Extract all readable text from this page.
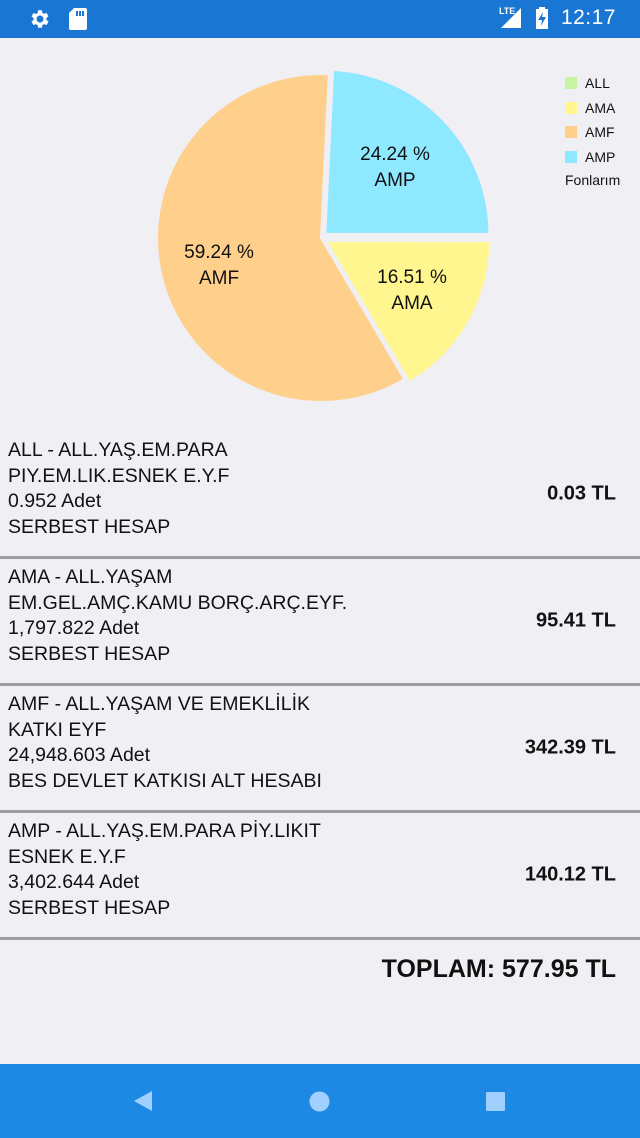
LTE 12:17
16.51 %
AMA
59.24 %
AMF
24.24 %
AMP
ALL
AMA
AMF
AMP
Fonlarım
ALL - ALL.YAŞ.EM.PARA
PIY.EM.LIK.ESNEK E.Y.F
0.952 Adet
SERBEST HESAP
0.03 TL
AMA - ALL.YAŞAM
EM.GEL.AMÇ.KAMU BORÇ.ARÇ.EYF.
1,797.822 Adet
SERBEST HESAP
95.41 TL
AMF - ALL.YAŞAM VE EMEKLİLİK
KATKI EYF
24,948.603 Adet
BES DEVLET KATKISI ALT HESABI
342.39 TL
AMP - ALL.YAŞ.EM.PARA PİY.LIKIT
ESNEK E.Y.F
3,402.644 Adet
SERBEST HESAP
140.12 TL
TOPLAM: 577.95 TL
